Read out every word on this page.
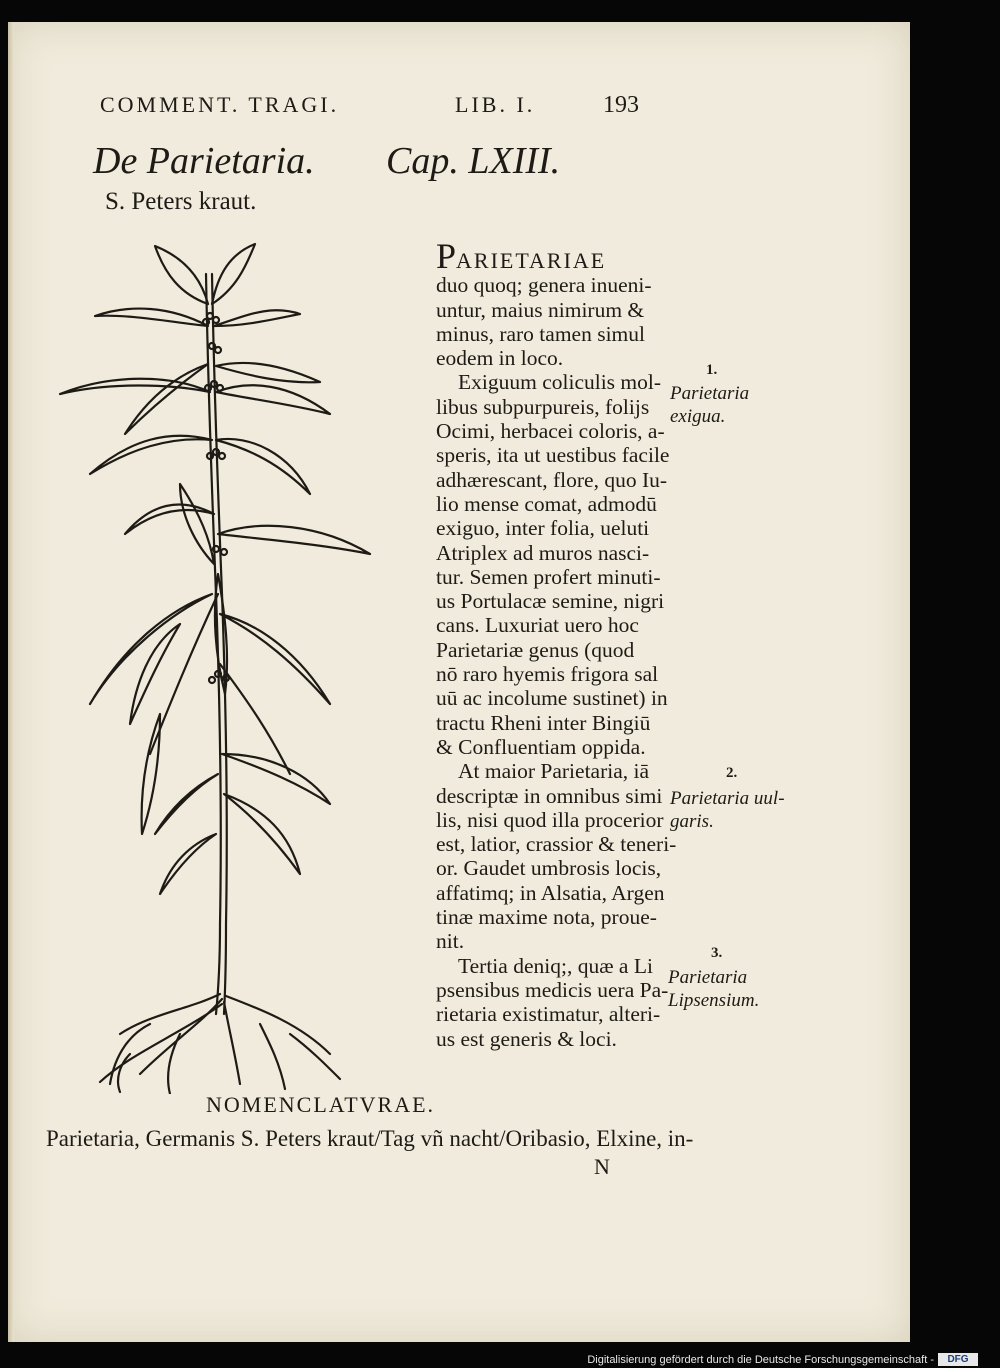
COMMENT. TRAGI.	LIB. I.	193
De Parietaria. Cap. LXIII.
S. Peters kraut.
PARIETARIAE
duo quoq; genera inueni-
untur, maius nimirum &
minus, raro tamen simul
eodem in loco.
Exiguum coliculis mol-
libus subpurpureis, folijs
Ocimi, herbacei coloris, a-
speris, ita ut uestibus facile
adhærescant, flore, quo Iu-
lio mense comat, admodū
exiguo, inter folia, ueluti
Atriplex ad muros nasci-
tur. Semen profert minuti-
us Portulacæ semine, nigri
cans. Luxuriat uero hoc
Parietariæ genus (quod
nō raro hyemis frigora sal
uū ac incolume sustinet) in
tractu Rheni inter Bingiū
& Confluentiam oppida.
At maior Parietaria, iā
descriptæ in omnibus simi
lis, nisi quod illa procerior
est, latior, crassior & teneri-
or. Gaudet umbrosis locis,
affatimq; in Alsatia, Argen
tinæ maxime nota, proue-
nit.
Tertia deniq;, quæ a Li
psensibus medicis uera Pa-
rietaria existimatur, alteri-
us est generis & loci.
1.
Parietaria
exigua.
2.
Parietaria uul-
garis.
3.
Parietaria
Lipsensium.
NOMENCLATVRAE.
Parietaria, Germanis S. Peters kraut/Tag vñ nacht/Oribasio, Elxine, in-
N
Digitalisierung gefördert durch die Deutsche Forschungsgemeinschaft -	DFG
